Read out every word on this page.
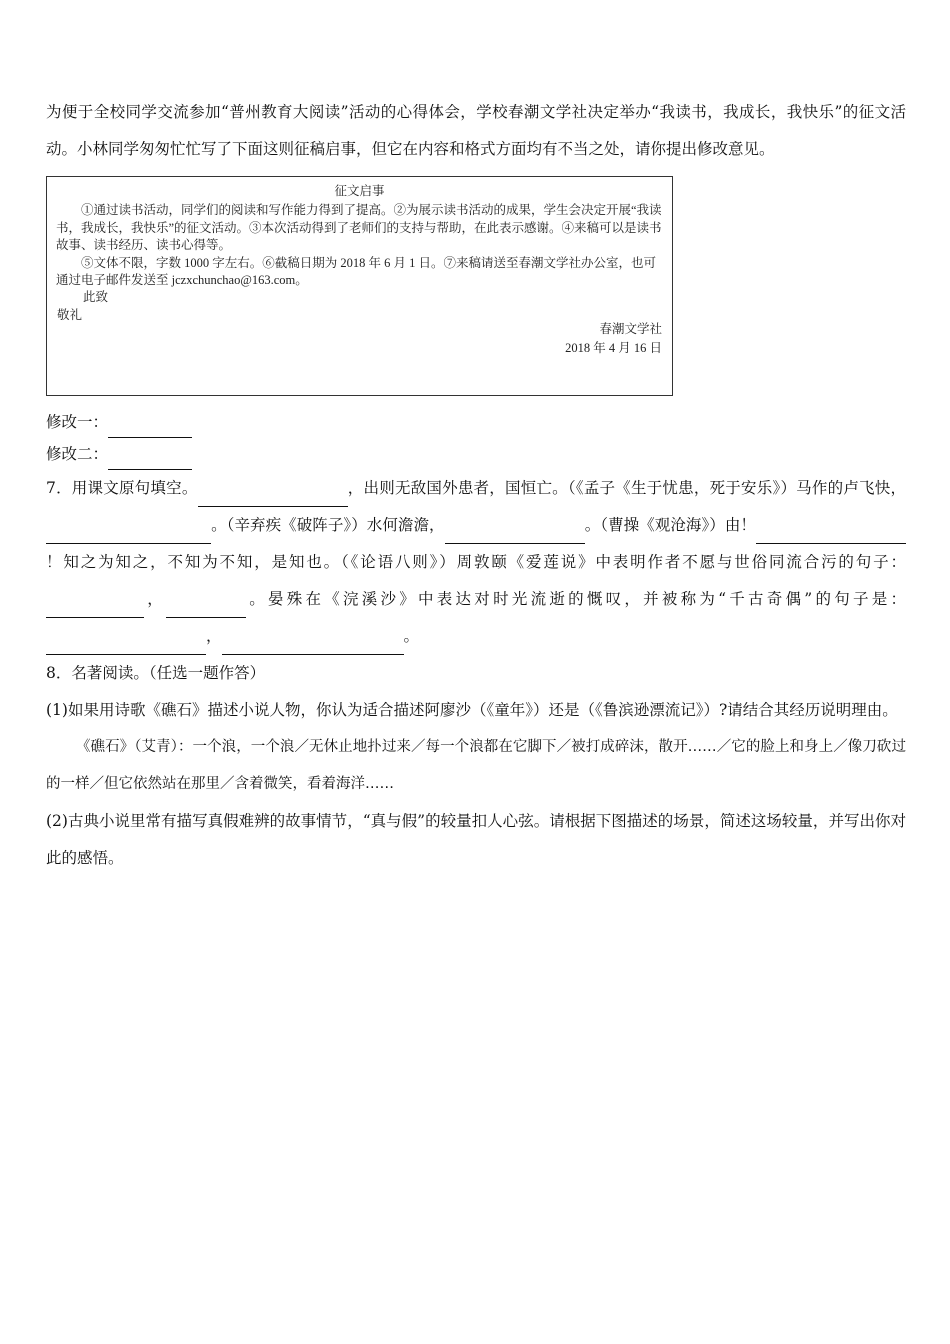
为便于全校同学交流参加“普州教育大阅读”活动的心得体会，学校春潮文学社决定举办“我读书，我成长，我快乐”的征文活动。小林同学匆匆忙忙写了下面这则征稿启事，但它在内容和格式方面均有不当之处，请你提出修改意见。

征文启事
①通过读书活动，同学们的阅读和写作能力得到了提高。②为展示读书活动的成果，学生会决定开展“我读书，我成长，我快乐”的征文活动。③本次活动得到了老师们的支持与帮助，在此表示感谢。④来稿可以是读书故事、读书经历、读书心得等。
⑤文体不限，字数 1000 字左右。⑥截稿日期为 2018 年 6 月 1 日。⑦来稿请送至春潮文学社办公室，也可通过电子邮件发送至 jczxchunchao@163.com。
此致
敬礼
春潮文学社
2018 年 4 月 16 日

修改一：

修改二：

7．用课文原句填空。	，出则无敌国外患者，国恒亡。（《孟子《生于忧患，死于安乐》）马作的卢飞快，。（辛弃疾《破阵子》）水何澹澹，	。（曹操《观沧海》）由！！知之为知之，不知为不知，是知也。（《论语八则》）周敦颐《爱莲说》中表明作者不愿与世俗同流合污的句子：，	。晏殊在《浣溪沙》中表达对时光流逝的慨叹，并被称为“千古奇偶”的句子是：，	。

8．名著阅读。（任选一题作答）

(1)如果用诗歌《礁石》描述小说人物，你认为适合描述阿廖沙（《童年》）还是（《鲁滨逊漂流记》）?请结合其经历说明理由。

《礁石》（艾青）：一个浪，一个浪／无休止地扑过来／每一个浪都在它脚下／被打成碎沫，散开……／它的脸上和身上／像刀砍过的一样／但它依然站在那里／含着微笑，看着海洋……

(2)古典小说里常有描写真假难辨的故事情节，“真与假”的较量扣人心弦。请根据下图描述的场景，简述这场较量，并写出你对此的感悟。
